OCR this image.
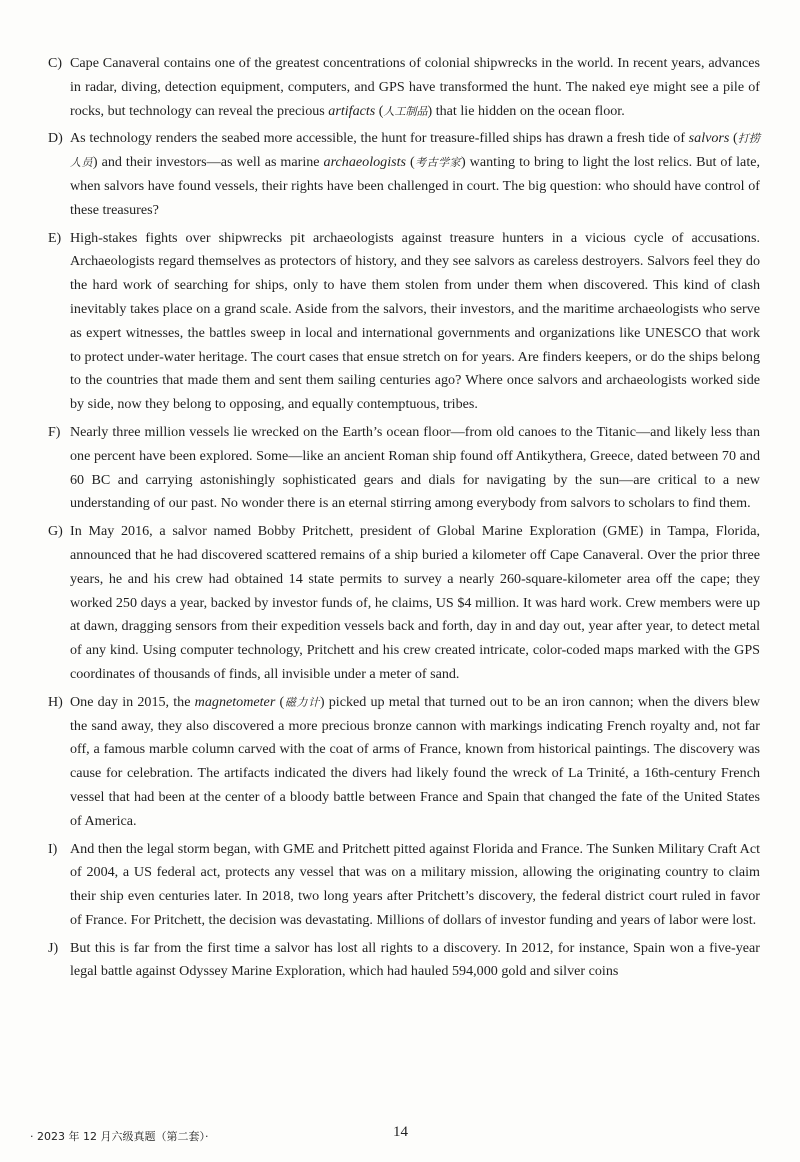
C) Cape Canaveral contains one of the greatest concentrations of colonial shipwrecks in the world. In recent years, advances in radar, diving, detection equipment, computers, and GPS have transformed the hunt. The naked eye might see a pile of rocks, but technology can reveal the precious artifacts (人工制品) that lie hidden on the ocean floor.
D) As technology renders the seabed more accessible, the hunt for treasure-filled ships has drawn a fresh tide of salvors (打捞人员) and their investors—as well as marine archaeologists (考古学家) wanting to bring to light the lost relics. But of late, when salvors have found vessels, their rights have been challenged in court. The big question: who should have control of these treasures?
E) High-stakes fights over shipwrecks pit archaeologists against treasure hunters in a vicious cycle of accusations. Archaeologists regard themselves as protectors of history, and they see salvors as careless destroyers. Salvors feel they do the hard work of searching for ships, only to have them stolen from under them when discovered. This kind of clash inevitably takes place on a grand scale. Aside from the salvors, their investors, and the maritime archaeologists who serve as expert witnesses, the battles sweep in local and international governments and organizations like UNESCO that work to protect under-water heritage. The court cases that ensue stretch on for years. Are finders keepers, or do the ships belong to the countries that made them and sent them sailing centuries ago? Where once salvors and archaeologists worked side by side, now they belong to opposing, and equally contemptuous, tribes.
F) Nearly three million vessels lie wrecked on the Earth’s ocean floor—from old canoes to the Titanic—and likely less than one percent have been explored. Some—like an ancient Roman ship found off Antikythera, Greece, dated between 70 and 60 BC and carrying astonishingly sophisticated gears and dials for navigating by the sun—are critical to a new understanding of our past. No wonder there is an eternal stirring among everybody from salvors to scholars to find them.
G) In May 2016, a salvor named Bobby Pritchett, president of Global Marine Exploration (GME) in Tampa, Florida, announced that he had discovered scattered remains of a ship buried a kilometer off Cape Canaveral. Over the prior three years, he and his crew had obtained 14 state permits to survey a nearly 260-square-kilometer area off the cape; they worked 250 days a year, backed by investor funds of, he claims, US $4 million. It was hard work. Crew members were up at dawn, dragging sensors from their expedition vessels back and forth, day in and day out, year after year, to detect metal of any kind. Using computer technology, Pritchett and his crew created intricate, color-coded maps marked with the GPS coordinates of thousands of finds, all invisible under a meter of sand.
H) One day in 2015, the magnetometer (磁力计) picked up metal that turned out to be an iron cannon; when the divers blew the sand away, they also discovered a more precious bronze cannon with markings indicating French royalty and, not far off, a famous marble column carved with the coat of arms of France, known from historical paintings. The discovery was cause for celebration. The artifacts indicated the divers had likely found the wreck of La Trinité, a 16th-century French vessel that had been at the center of a bloody battle between France and Spain that changed the fate of the United States of America.
I) And then the legal storm began, with GME and Pritchett pitted against Florida and France. The Sunken Military Craft Act of 2004, a US federal act, protects any vessel that was on a military mission, allowing the originating country to claim their ship even centuries later. In 2018, two long years after Pritchett’s discovery, the federal district court ruled in favor of France. For Pritchett, the decision was devastating. Millions of dollars of investor funding and years of labor were lost.
J) But this is far from the first time a salvor has lost all rights to a discovery. In 2012, for instance, Spain won a five-year legal battle against Odyssey Marine Exploration, which had hauled 594,000 gold and silver coins
· 2023 年 12 月六级真题（第二套）·	14
